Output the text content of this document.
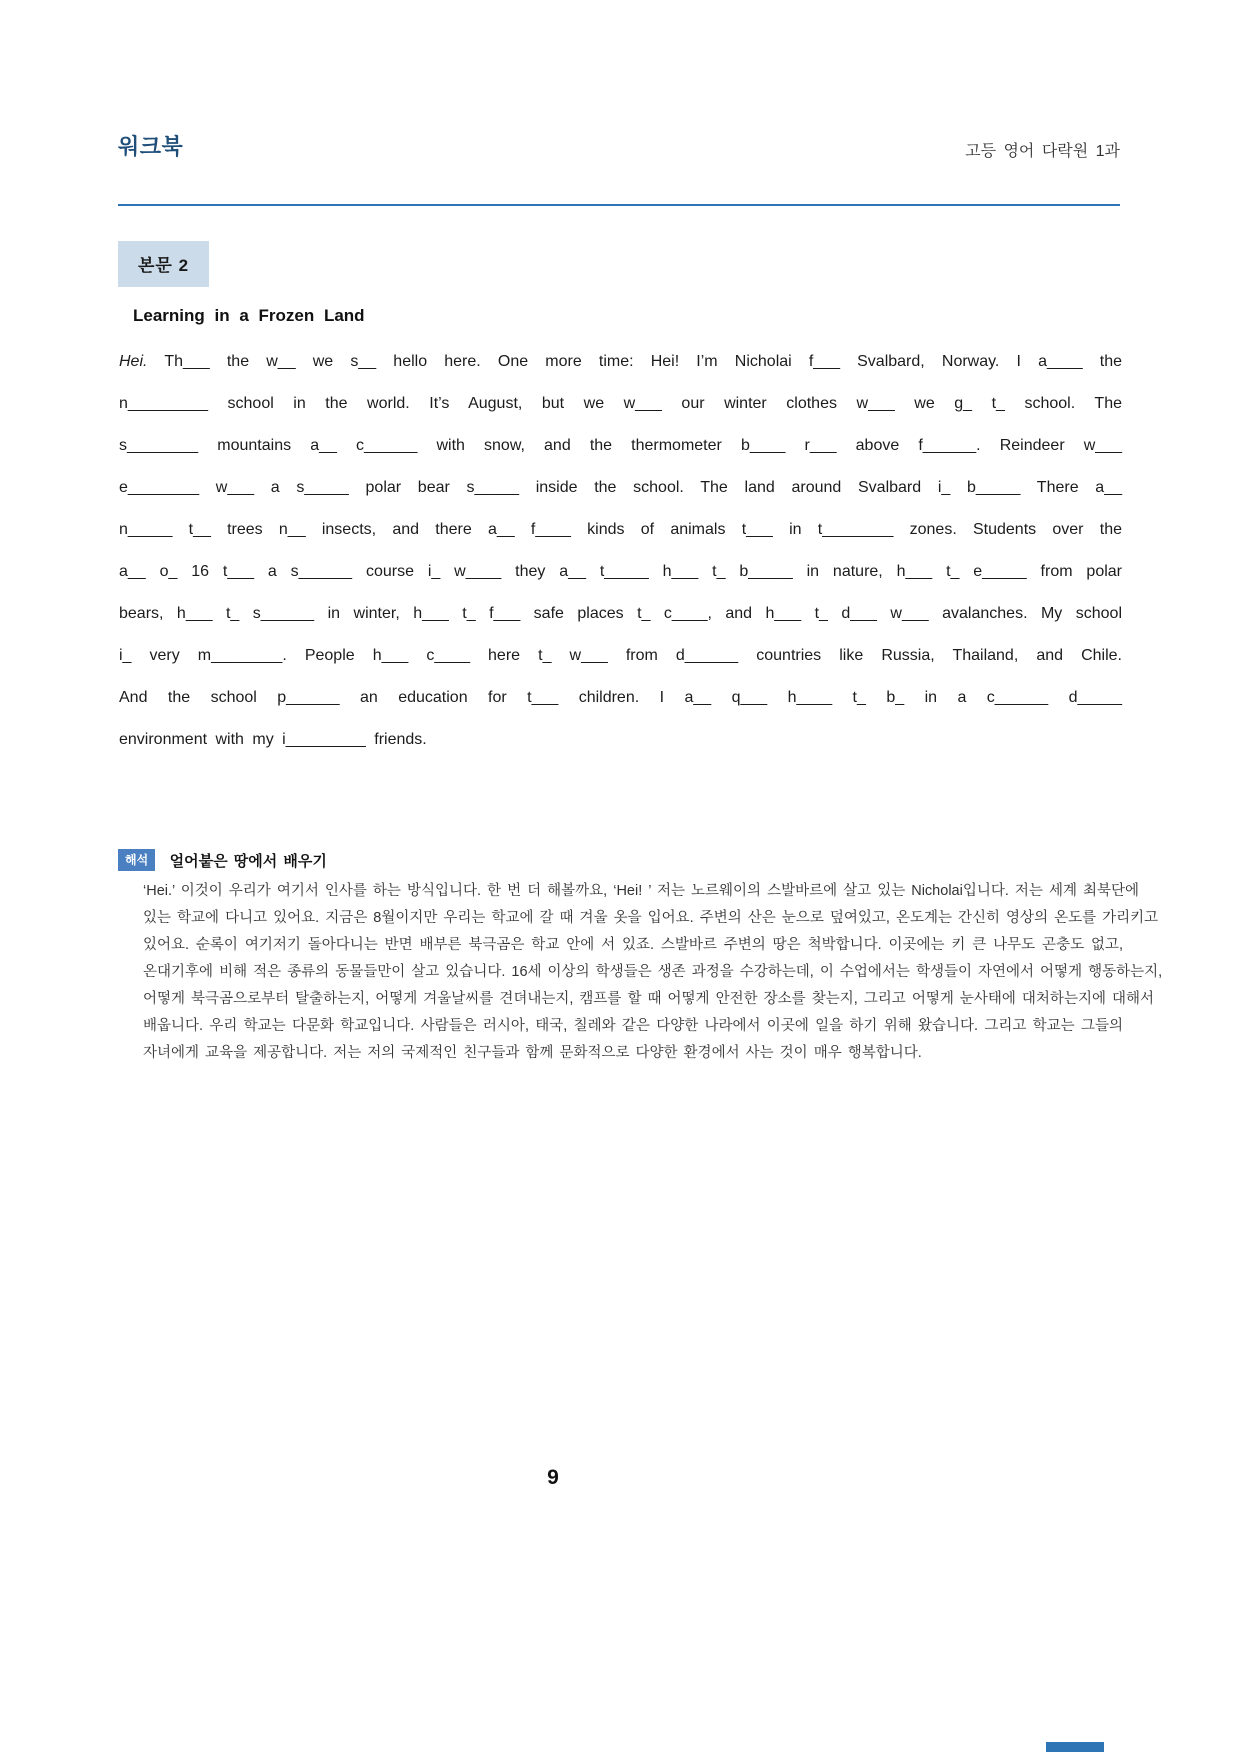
워크북	고등 영어 다락원 1과
본문 2
Learning in a Frozen Land
Hei. Th___ the w__ we s__ hello here. One more time: Hei! I’m Nicholai f___ Svalbard, Norway. I a____ the
n_________ school in the world. It’s August, but we w___ our winter clothes w___ we g_ t_ school. The
s________ mountains a__ c______ with snow, and the thermometer b____ r___ above f______. Reindeer w___
e________ w___ a s_____ polar bear s_____ inside the school. The land around Svalbard i_ b_____ There a__
n_____ t__ trees n__ insects, and there a__ f____ kinds of animals t___ in t________ zones. Students over the
a__ o_ 16 t___ a s______ course i_ w____ they a__ t_____ h___ t_ b_____ in nature, h___ t_ e_____ from polar
bears, h___ t_ s______ in winter, h___ t_ f___ safe places t_ c____, and h___ t_ d___ w___ avalanches. My school
i_ very m________. People h___ c____ here t_ w___ from d______ countries like Russia, Thailand, and Chile.
And the school p______ an education for t___ children. I a__ q___ h____ t_ b_ in a c______ d_____
environment with my i_________ friends.
해석 얼어붙은 땅에서 배우기
‘Hei.’ 이것이 우리가 여기서 인사를 하는 방식입니다. 한 번 더 해볼까요, ‘Hei! ’ 저는 노르웨이의 스발바르에 살고 있는 Nicholai입니다. 저는 세계 최북단에
있는 학교에 다니고 있어요. 지금은 8월이지만 우리는 학교에 갈 때 겨울 옷을 입어요. 주변의 산은 눈으로 덮여있고, 온도계는 간신히 영상의 온도를 가리키고
있어요. 순록이 여기저기 돌아다니는 반면 배부른 북극곰은 학교 안에 서 있죠. 스발바르 주변의 땅은 척박합니다. 이곳에는 키 큰 나무도 곤충도 없고,
온대기후에 비해 적은 종류의 동물들만이 살고 있습니다. 16세 이상의 학생들은 생존 과정을 수강하는데, 이 수업에서는 학생들이 자연에서 어떻게 행동하는지,
어떻게 북극곰으로부터 탈출하는지, 어떻게 겨울날씨를 견뎌내는지, 캠프를 할 때 어떻게 안전한 장소를 찾는지, 그리고 어떻게 눈사태에 대처하는지에 대해서
배웁니다. 우리 학교는 다문화 학교입니다. 사람들은 러시아, 태국, 칠레와 같은 다양한 나라에서 이곳에 일을 하기 위해 왔습니다. 그리고 학교는 그들의
자녀에게 교육을 제공합니다. 저는 저의 국제적인 친구들과 함께 문화적으로 다양한 환경에서 사는 것이 매우 행복합니다.
9
